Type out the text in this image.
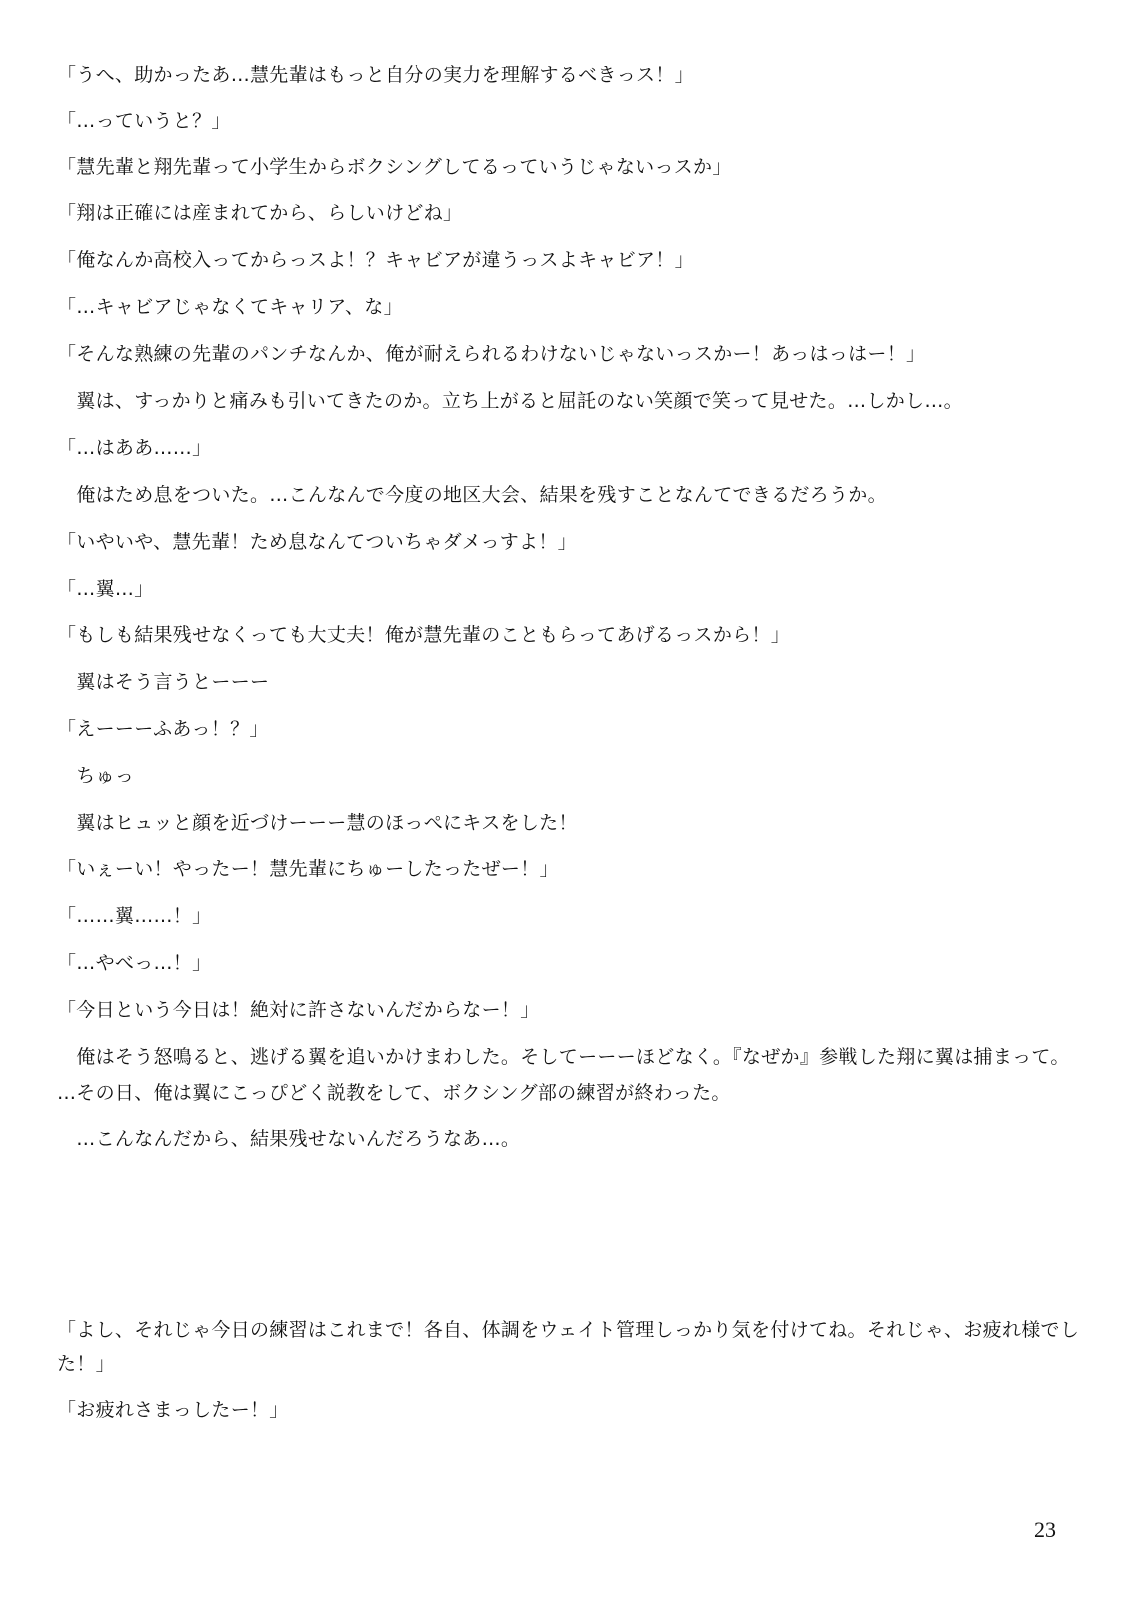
「うへ、助かったあ…慧先輩はもっと自分の実力を理解するべきっス！」
「…っていうと？」
「慧先輩と翔先輩って小学生からボクシングしてるっていうじゃないっスか」
「翔は正確には産まれてから、らしいけどね」
「俺なんか高校入ってからっスよ！？キャビアが違うっスよキャビア！」
「…キャビアじゃなくてキャリア、な」
「そんな熟練の先輩のパンチなんか、俺が耐えられるわけないじゃないっスかー！あっはっはー！」
　翼は、すっかりと痛みも引いてきたのか。立ち上がると屈託のない笑顔で笑って見せた。…しかし…。
「…はああ……」
　俺はため息をついた。…こんなんで今度の地区大会、結果を残すことなんてできるだろうか。
「いやいや、慧先輩！ため息なんてついちゃダメっすよ！」
「…翼…」
「もしも結果残せなくっても大丈夫！俺が慧先輩のこともらってあげるっスから！」
　翼はそう言うとーーー
「えーーーふあっ！？」
　ちゅっ
　翼はヒュッと顔を近づけーーー慧のほっぺにキスをした！
「いぇーい！やったー！慧先輩にちゅーしたったぜー！」
「……翼……！」
「…やべっ…！」
「今日という今日は！絶対に許さないんだからなー！」
　俺はそう怒鳴ると、逃げる翼を追いかけまわした。そしてーーーほどなく。『なぜか』参戦した翔に翼は捕まって。
…その日、俺は翼にこっぴどく説教をして、ボクシング部の練習が終わった。
　…こんなんだから、結果残せないんだろうなあ…。
「よし、それじゃ今日の練習はこれまで！各自、体調をウェイト管理しっかり気を付けてね。それじゃ、お疲れ様でし
た！」
「お疲れさまっしたー！」
23
